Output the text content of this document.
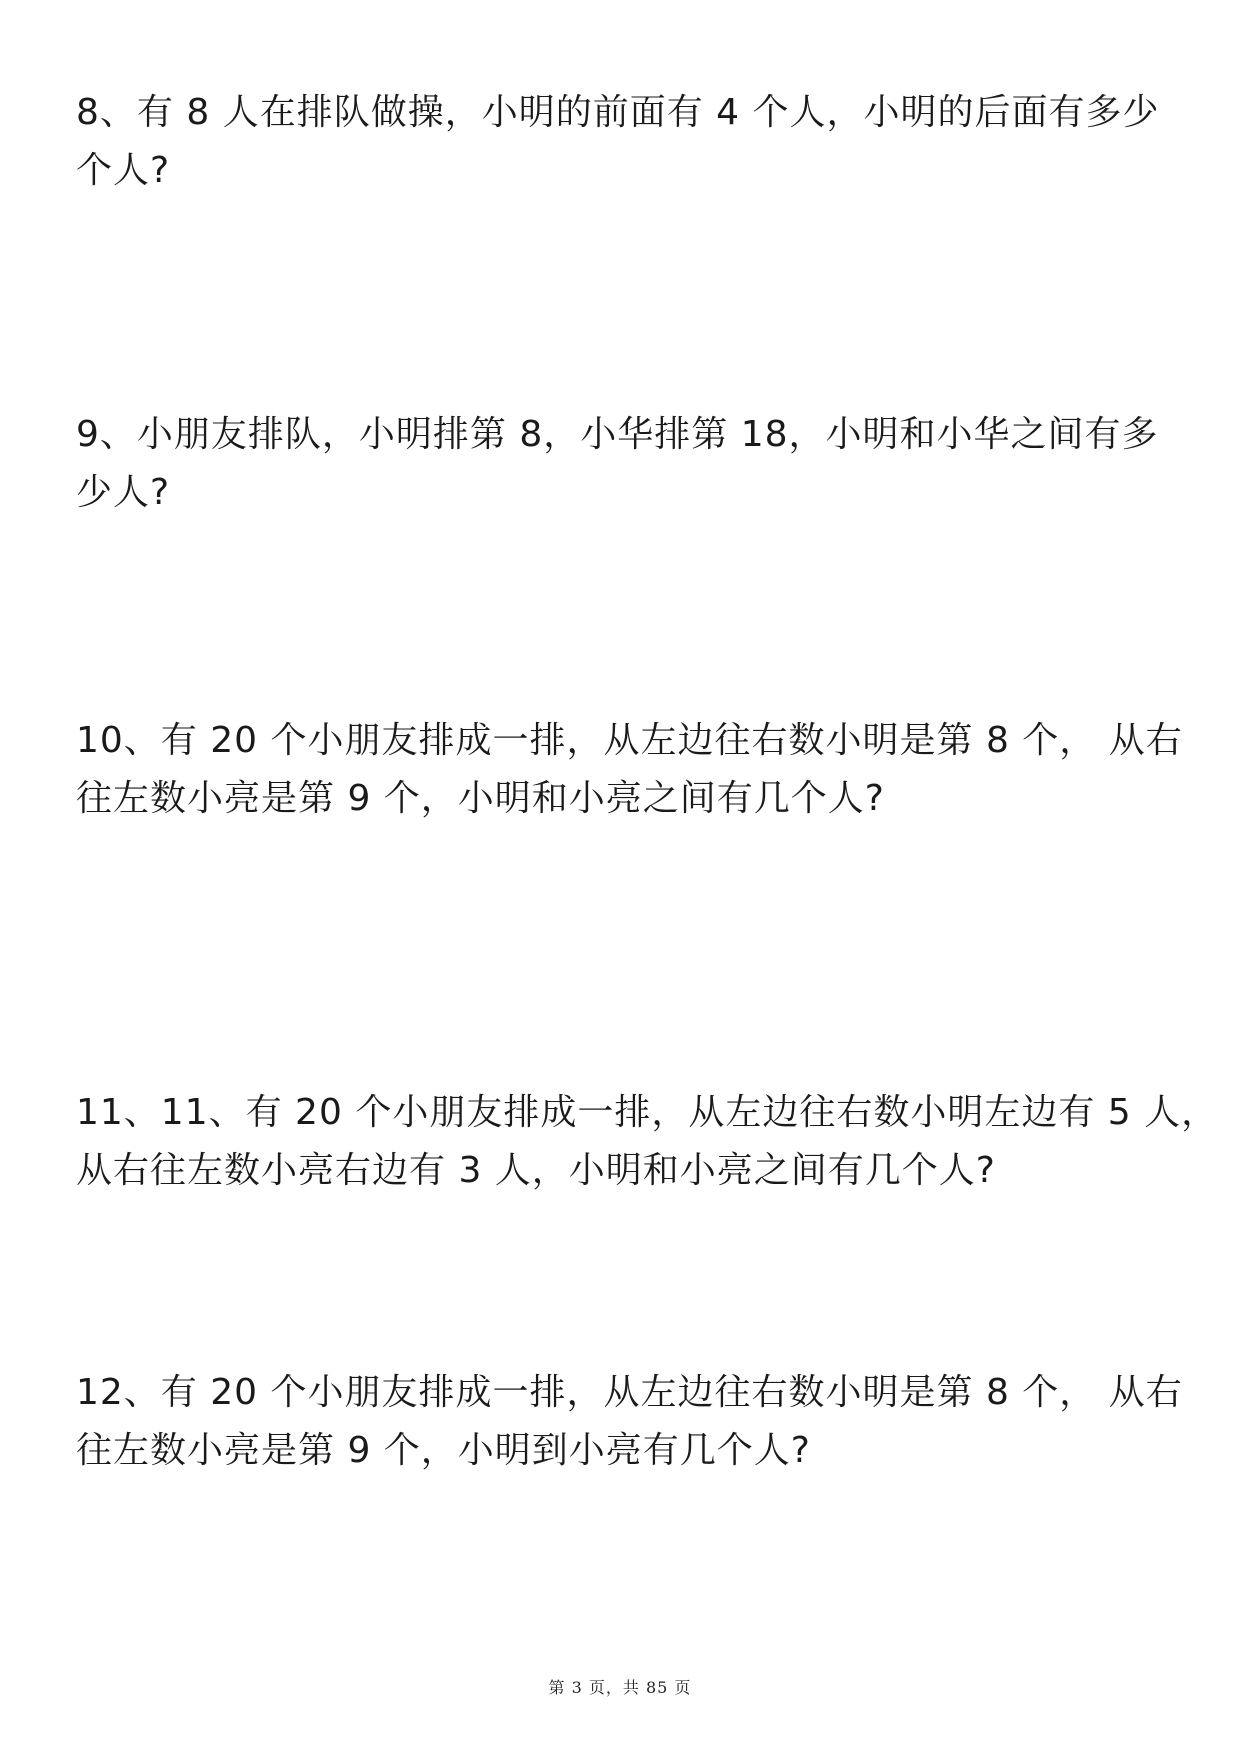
8、有 8 人在排队做操，小明的前面有 4 个人，小明的后面有多少
个人?

9、小朋友排队，小明排第 8，小华排第 18，小明和小华之间有多
少人?

10、有 20 个小朋友排成一排，从左边往右数小明是第 8 个， 从右
往左数小亮是第 9 个，小明和小亮之间有几个人?

11、11、有 20 个小朋友排成一排，从左边往右数小明左边有 5 人，
从右往左数小亮右边有 3 人，小明和小亮之间有几个人?

12、有 20 个小朋友排成一排，从左边往右数小明是第 8 个， 从右
往左数小亮是第 9 个，小明到小亮有几个人?

第 3 页，共 85 页
